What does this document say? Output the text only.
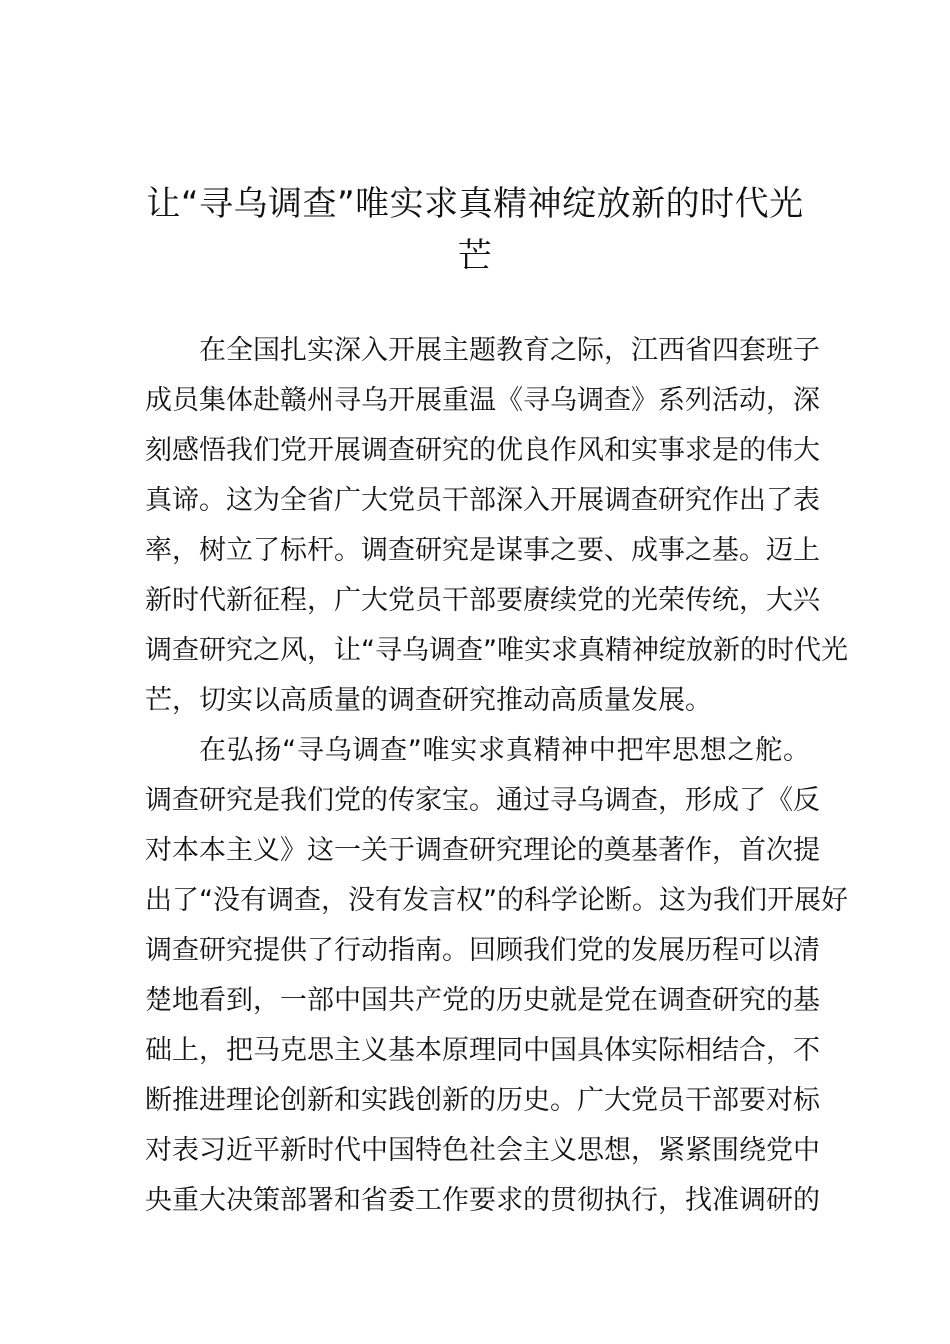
让“寻乌调查”唯实求真精神绽放新的时代光
芒
在全国扎实深入开展主题教育之际，江西省四套班子
成员集体赴赣州寻乌开展重温《寻乌调查》系列活动，深
刻感悟我们党开展调查研究的优良作风和实事求是的伟大
真谛。这为全省广大党员干部深入开展调查研究作出了表
率，树立了标杆。调查研究是谋事之要、成事之基。迈上
新时代新征程，广大党员干部要赓续党的光荣传统，大兴
调查研究之风，让“寻乌调查”唯实求真精神绽放新的时代光
芒，切实以高质量的调查研究推动高质量发展。
在弘扬“寻乌调查”唯实求真精神中把牢思想之舵。
调查研究是我们党的传家宝。通过寻乌调查，形成了《反
对本本主义》这一关于调查研究理论的奠基著作，首次提
出了“没有调查，没有发言权”的科学论断。这为我们开展好
调查研究提供了行动指南。回顾我们党的发展历程可以清
楚地看到，一部中国共产党的历史就是党在调查研究的基
础上，把马克思主义基本原理同中国具体实际相结合，不
断推进理论创新和实践创新的历史。广大党员干部要对标
对表习近平新时代中国特色社会主义思想，紧紧围绕党中
央重大决策部署和省委工作要求的贯彻执行，找准调研的
